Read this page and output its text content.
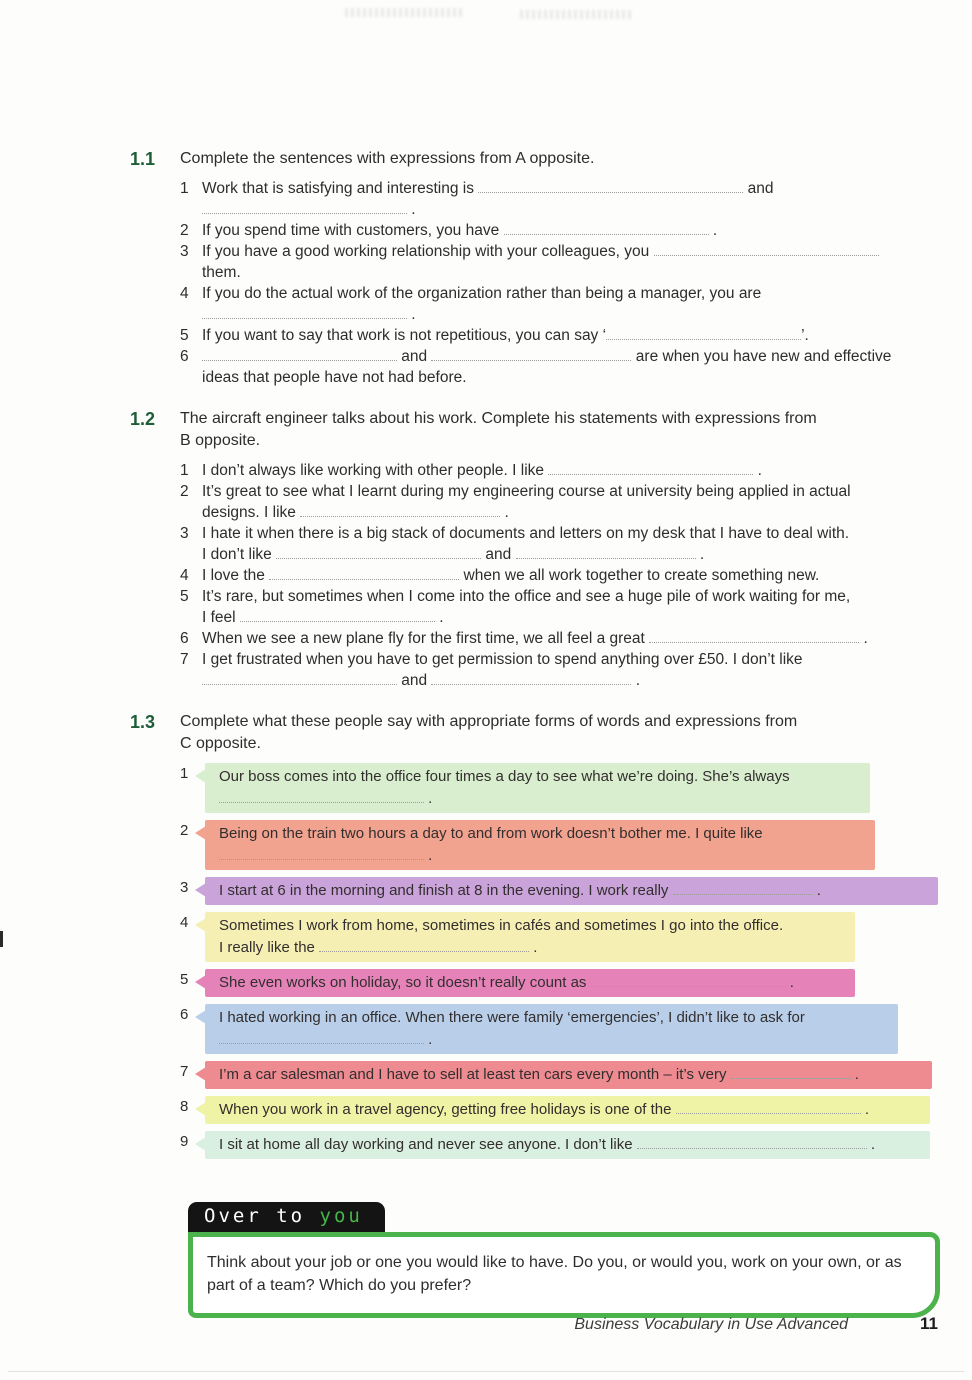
1.1	Complete the sentences with expressions from A opposite.
1 Work that is satisfying and interesting is	and
.
2 If you spend time with customers, you have	.
3 If you have a good working relationship with your colleagues, you
them.
4 If you do the actual work of the organization rather than being a manager, you are
.
5 If you want to say that work is not repetitious, you can say ‘	’.
6	and	are when you have new and effective
ideas that people have not had before.
1.2	The aircraft engineer talks about his work. Complete his statements with expressions from
B opposite.
1 I don’t always like working with other people. I like	.
2 It’s great to see what I learnt during my engineering course at university being applied in actual
designs. I like	.
3 I hate it when there is a big stack of documents and letters on my desk that I have to deal with.
I don’t like	and	.
4 I love the	when we all work together to create something new.
5 It’s rare, but sometimes when I come into the office and see a huge pile of work waiting for me,
I feel	.
6 When we see a new plane fly for the first time, we all feel a great	.
7 I get frustrated when you have to get permission to spend anything over £50. I don’t like
and	.
1.3	Complete what these people say with appropriate forms of words and expressions from
C opposite.
1	Our boss comes into the office four times a day to see what we’re doing. She’s always
.
2	Being on the train two hours a day to and from work doesn’t bother me. I quite like
.
3	I start at 6 in the morning and finish at 8 in the evening. I work really	.
4	Sometimes I work from home, sometimes in cafés and sometimes I go into the office.
I really like the	.
5	She even works on holiday, so it doesn’t really count as	.
6	I hated working in an office. When there were family ‘emergencies’, I didn’t like to ask for
.
7	I’m a car salesman and I have to sell at least ten cars every month – it’s very	.
8	When you work in a travel agency, getting free holidays is one of the	.
9	I sit at home all day working and never see anyone. I don’t like	.
Over to you
Think about your job or one you would like to have. Do you, or would you, work on your own, or as
part of a team? Which do you prefer?
Business Vocabulary in Use Advanced	11
